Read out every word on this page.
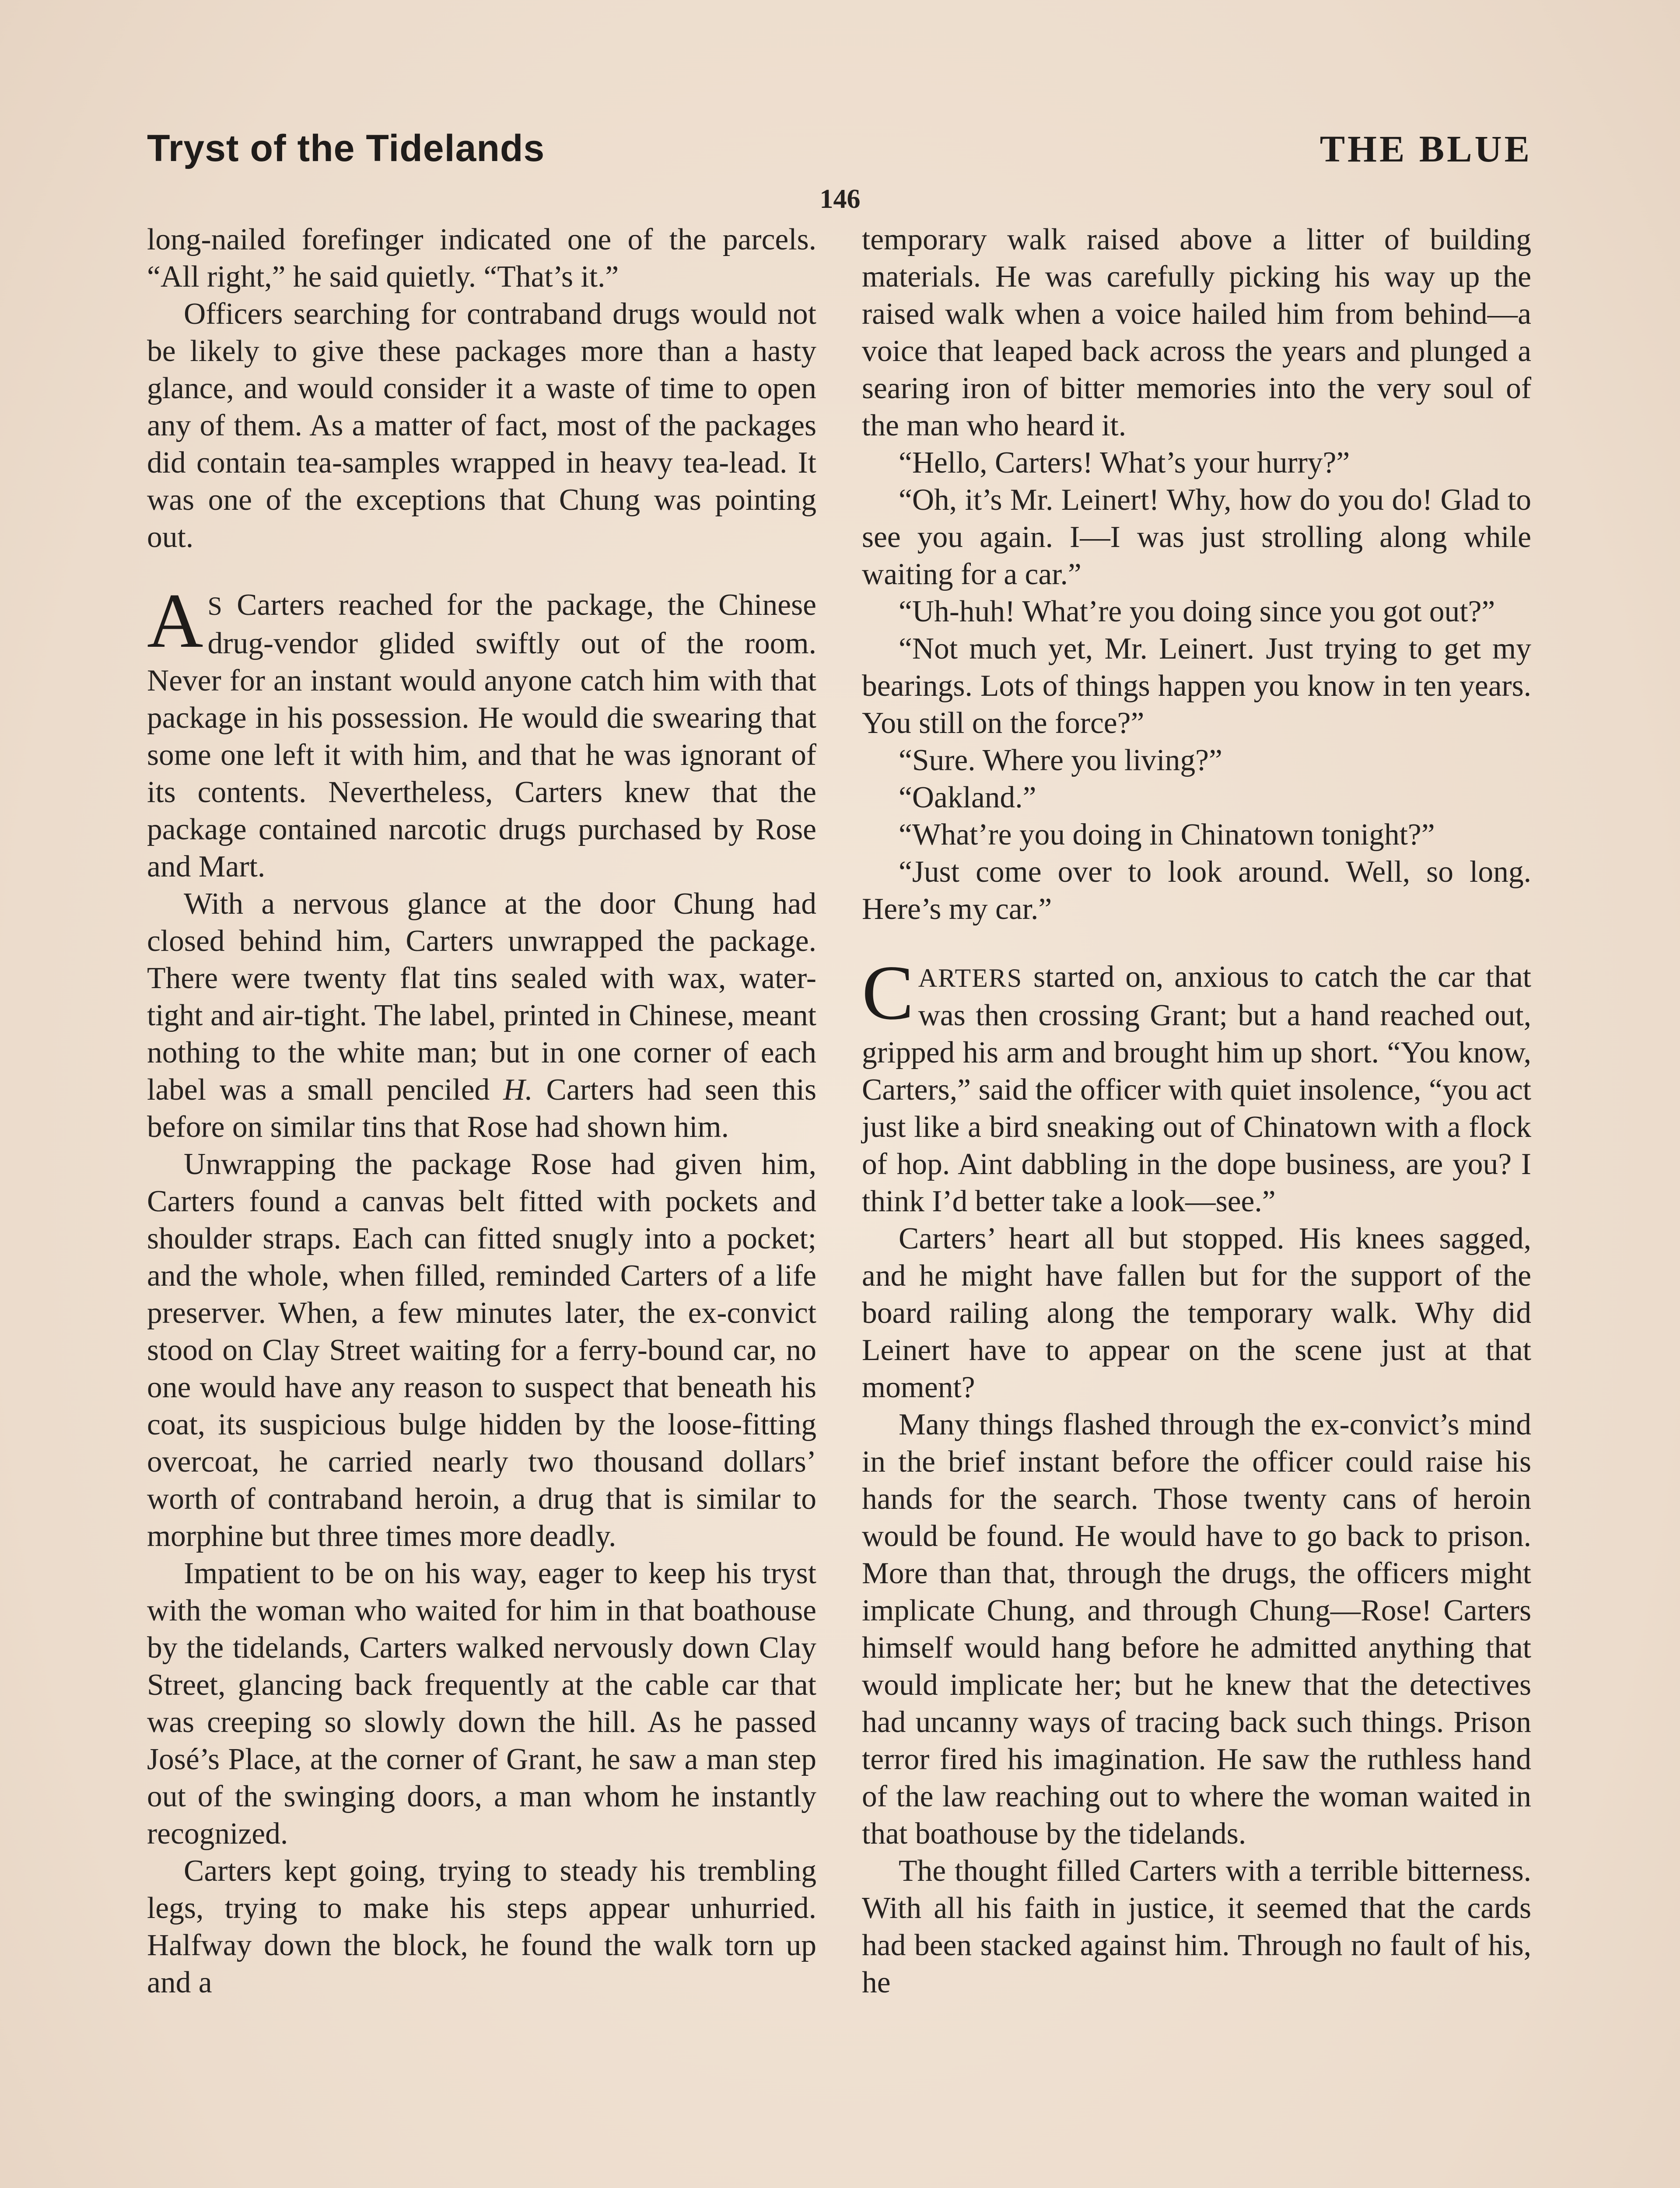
Tryst of the Tidelands	THE BLUE
146

long-nailed forefinger indicated one of the parcels. “All right,” he said quietly. “That’s it.”

Officers searching for contraband drugs would not be likely to give these packages more than a hasty glance, and would consider it a waste of time to open any of them. As a matter of fact, most of the packages did contain tea-samples wrapped in heavy tea-lead. It was one of the exceptions that Chung was pointing out.

A S Carters reached for the package, the Chinese drug-vendor glided swiftly out of the room. Never for an instant would anyone catch him with that package in his possession. He would die swearing that some one left it with him, and that he was ignorant of its contents. Nevertheless, Carters knew that the package contained narcotic drugs purchased by Rose and Mart.

With a nervous glance at the door Chung had closed behind him, Carters unwrapped the package. There were twenty flat tins sealed with wax, water-tight and air-tight. The label, printed in Chinese, meant nothing to the white man; but in one corner of each label was a small penciled H. Carters had seen this before on similar tins that Rose had shown him.

Unwrapping the package Rose had given him, Carters found a canvas belt fitted with pockets and shoulder straps. Each can fitted snugly into a pocket; and the whole, when filled, reminded Carters of a life preserver. When, a few minutes later, the ex-convict stood on Clay Street waiting for a ferry-bound car, no one would have any reason to suspect that beneath his coat, its suspicious bulge hidden by the loose-fitting overcoat, he carried nearly two thousand dollars’ worth of contraband heroin, a drug that is similar to morphine but three times more deadly.

Impatient to be on his way, eager to keep his tryst with the woman who waited for him in that boathouse by the tidelands, Carters walked nervously down Clay Street, glancing back frequently at the cable car that was creeping so slowly down the hill. As he passed José’s Place, at the corner of Grant, he saw a man step out of the swinging doors, a man whom he instantly recognized.

Carters kept going, trying to steady his trembling legs, trying to make his steps appear unhurried. Halfway down the block, he found the walk torn up and a

temporary walk raised above a litter of building materials. He was carefully picking his way up the raised walk when a voice hailed him from behind—a voice that leaped back across the years and plunged a searing iron of bitter memories into the very soul of the man who heard it.

“Hello, Carters! What’s your hurry?”

“Oh, it’s Mr. Leinert! Why, how do you do! Glad to see you again. I—I was just strolling along while waiting for a car.”

“Uh-huh! What’re you doing since you got out?”

“Not much yet, Mr. Leinert. Just trying to get my bearings. Lots of things happen you know in ten years. You still on the force?”

“Sure. Where you living?”

“Oakland.”

“What’re you doing in Chinatown tonight?”

“Just come over to look around. Well, so long. Here’s my car.”

CARTERS started on, anxious to catch the car that was then crossing Grant; but a hand reached out, gripped his arm and brought him up short. “You know, Carters,” said the officer with quiet insolence, “you act just like a bird sneaking out of Chinatown with a flock of hop. Aint dabbling in the dope business, are you? I think I’d better take a look—see.”

Carters’ heart all but stopped. His knees sagged, and he might have fallen but for the support of the board railing along the temporary walk. Why did Leinert have to appear on the scene just at that moment?

Many things flashed through the ex-convict’s mind in the brief instant before the officer could raise his hands for the search. Those twenty cans of heroin would be found. He would have to go back to prison. More than that, through the drugs, the officers might implicate Chung, and through Chung—Rose! Carters himself would hang before he admitted anything that would implicate her; but he knew that the detectives had uncanny ways of tracing back such things. Prison terror fired his imagination. He saw the ruthless hand of the law reaching out to where the woman waited in that boathouse by the tidelands.

The thought filled Carters with a terrible bitterness. With all his faith in justice, it seemed that the cards had been stacked against him. Through no fault of his, he
